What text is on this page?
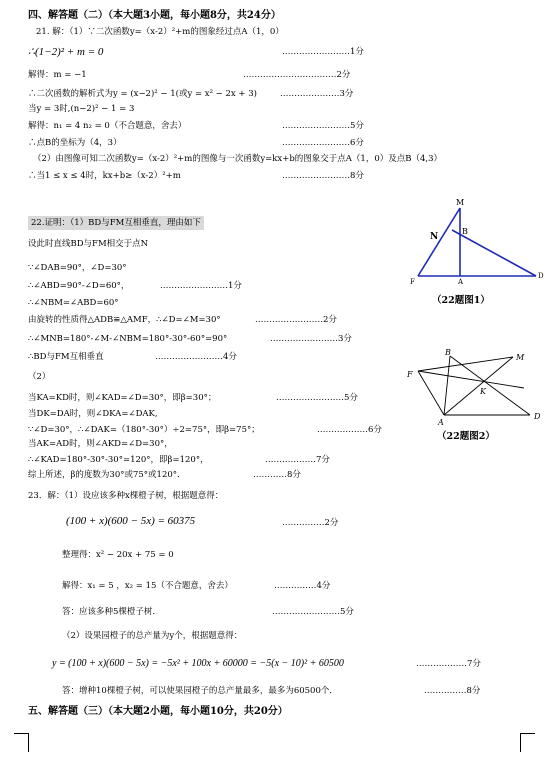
四、解答题（二）（本大题3小题，每小题8分，共24分）
21. 解：（1）∵二次函数y=（x-2）²+m的图象经过点A（1，0）
∴(1−2)² + m = 0	……………………1分
解得：m = −1	……………………………2分
∴二次函数的解析式为y = (x−2)² − 1(或y = x² − 2x + 3)	…………………3分
当y = 3时,(n−2)² − 1 = 3
解得：n₁ = 4 n₂ = 0（不合题意，舍去）	……………………5分
∴点B的坐标为（4，3）	……………………6分
（2）由图像可知二次函数y=（x-2）²+m的图像与一次函数y=kx+b的图象交于点A（1，0）及点B（4,3）
∴当1 ≤ x ≤ 4时，kx+b≥（x-2）²+m	……………………8分
22.证明：（1）BD与FM互相垂直，理由如下
设此时直线BD与FM相交于点N
∵∠DAB=90°，∠D=30°
∴∠ABD=90°-∠D=60°，	……………………1分
∴∠NBM=∠ABD=60°
由旋转的性质得△ADB≌△AMF，∴∠D=∠M=30°	……………………2分
∴∠MNB=180°-∠M-∠NBM=180°-30°-60°=90°	……………………3分
∴BD与FM互相垂直	……………………4分
（2）
当KA=KD时，则∠KAD=∠D=30°，即β=30°；	……………………5分
当DK=DA时，则∠DKA=∠DAK,
∵∠D=30°，∴∠DAK=（180°-30°）÷2=75°，即β=75°；	………………6分
当AK=AD时，则∠AKD=∠D=30°，
∴∠KAD=180°-30°-30°=120°，即β=120°，	………………7分
综上所述，β的度数为30°或75°或120°．	…………8分
M
N
B
F	A
D
（22题图1）
B
M
F
K
A
D
（22题图2）
23．解：（1）设应该多种x棵橙子树，根据题意得：
(100 + x)(600 − 5x) = 60375	……………2分
整理得：x² − 20x + 75 = 0
解得：x₁ = 5 ，x₂ = 15（不合题意，舍去）	……………4分
答：应该多种5棵橙子树.	……………………5分
（2）设果园橙子的总产量为y个，根据题意得：
y = (100 + x)(600 − 5x) = −5x² + 100x + 60000 = −5(x − 10)² + 60500	………………7分
答：增种10棵橙子树，可以使果园橙子的总产量最多，最多为60500个．	……………8分
五、解答题（三）（本大题2小题，每小题10分，共20分）
